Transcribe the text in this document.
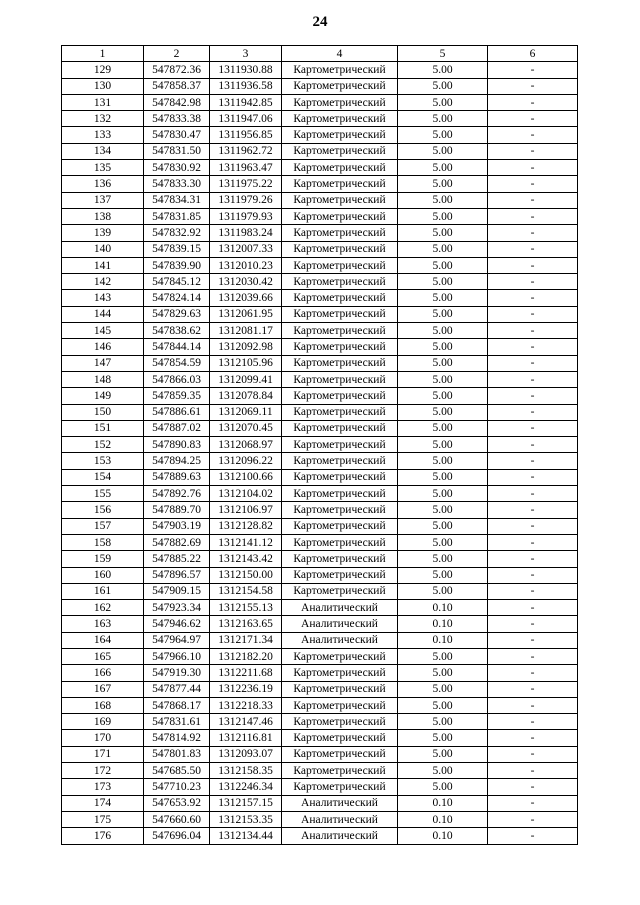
24
1	2	3	4	5	6
129	547872.36	1311930.88	Картометрический	5.00	-
130	547858.37	1311936.58	Картометрический	5.00	-
131	547842.98	1311942.85	Картометрический	5.00	-
132	547833.38	1311947.06	Картометрический	5.00	-
133	547830.47	1311956.85	Картометрический	5.00	-
134	547831.50	1311962.72	Картометрический	5.00	-
135	547830.92	1311963.47	Картометрический	5.00	-
136	547833.30	1311975.22	Картометрический	5.00	-
137	547834.31	1311979.26	Картометрический	5.00	-
138	547831.85	1311979.93	Картометрический	5.00	-
139	547832.92	1311983.24	Картометрический	5.00	-
140	547839.15	1312007.33	Картометрический	5.00	-
141	547839.90	1312010.23	Картометрический	5.00	-
142	547845.12	1312030.42	Картометрический	5.00	-
143	547824.14	1312039.66	Картометрический	5.00	-
144	547829.63	1312061.95	Картометрический	5.00	-
145	547838.62	1312081.17	Картометрический	5.00	-
146	547844.14	1312092.98	Картометрический	5.00	-
147	547854.59	1312105.96	Картометрический	5.00	-
148	547866.03	1312099.41	Картометрический	5.00	-
149	547859.35	1312078.84	Картометрический	5.00	-
150	547886.61	1312069.11	Картометрический	5.00	-
151	547887.02	1312070.45	Картометрический	5.00	-
152	547890.83	1312068.97	Картометрический	5.00	-
153	547894.25	1312096.22	Картометрический	5.00	-
154	547889.63	1312100.66	Картометрический	5.00	-
155	547892.76	1312104.02	Картометрический	5.00	-
156	547889.70	1312106.97	Картометрический	5.00	-
157	547903.19	1312128.82	Картометрический	5.00	-
158	547882.69	1312141.12	Картометрический	5.00	-
159	547885.22	1312143.42	Картометрический	5.00	-
160	547896.57	1312150.00	Картометрический	5.00	-
161	547909.15	1312154.58	Картометрический	5.00	-
162	547923.34	1312155.13	Аналитический	0.10	-
163	547946.62	1312163.65	Аналитический	0.10	-
164	547964.97	1312171.34	Аналитический	0.10	-
165	547966.10	1312182.20	Картометрический	5.00	-
166	547919.30	1312211.68	Картометрический	5.00	-
167	547877.44	1312236.19	Картометрический	5.00	-
168	547868.17	1312218.33	Картометрический	5.00	-
169	547831.61	1312147.46	Картометрический	5.00	-
170	547814.92	1312116.81	Картометрический	5.00	-
171	547801.83	1312093.07	Картометрический	5.00	-
172	547685.50	1312158.35	Картометрический	5.00	-
173	547710.23	1312246.34	Картометрический	5.00	-
174	547653.92	1312157.15	Аналитический	0.10	-
175	547660.60	1312153.35	Аналитический	0.10	-
176	547696.04	1312134.44	Аналитический	0.10	-
